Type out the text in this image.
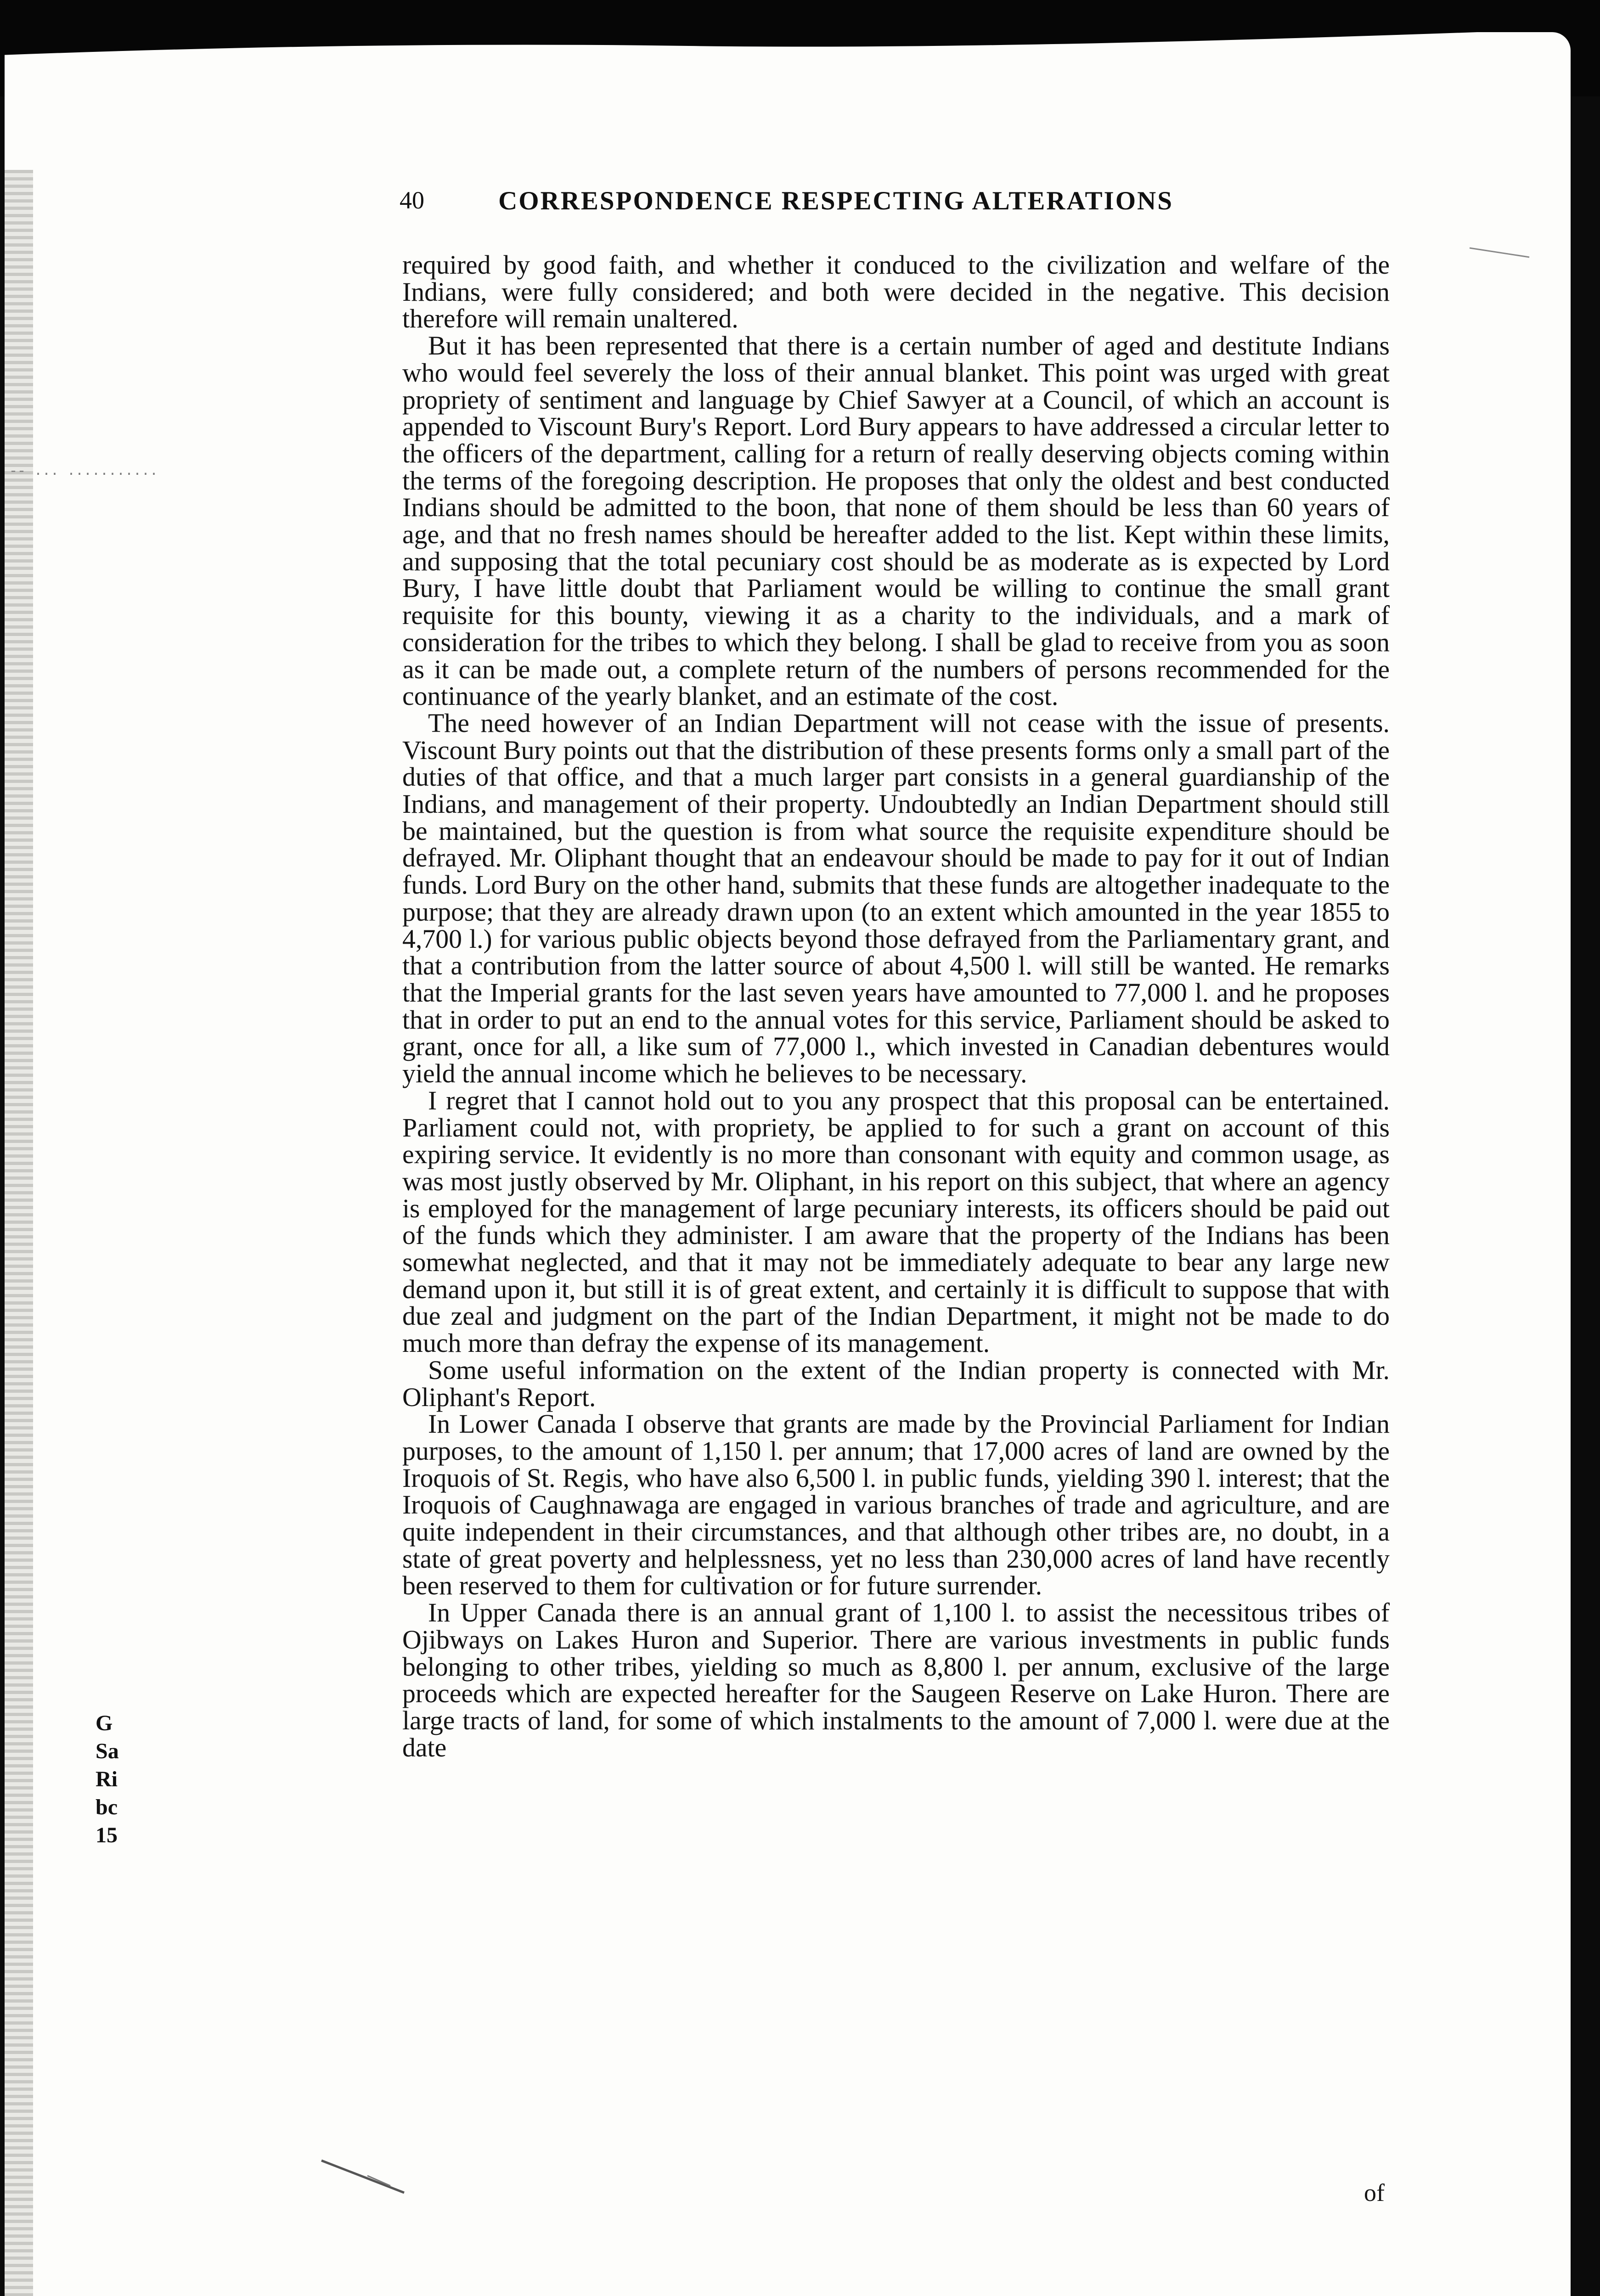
40	CORRESPONDENCE RESPECTING ALTERATIONS
-- ... ...........

required by good faith, and whether it conduced to the civilization and welfare of the Indians, were fully considered; and both were decided in the negative. This decision therefore will remain unaltered.

But it has been represented that there is a certain number of aged and destitute Indians who would feel severely the loss of their annual blanket. This point was urged with great propriety of sentiment and language by Chief Sawyer at a Council, of which an account is appended to Viscount Bury's Report. Lord Bury appears to have addressed a circular letter to the officers of the department, calling for a return of really deserving objects coming within the terms of the foregoing description. He proposes that only the oldest and best conducted Indians should be admitted to the boon, that none of them should be less than 60 years of age, and that no fresh names should be hereafter added to the list. Kept within these limits, and supposing that the total pecuniary cost should be as moderate as is expected by Lord Bury, I have little doubt that Parliament would be willing to continue the small grant requisite for this bounty, viewing it as a charity to the individuals, and a mark of consideration for the tribes to which they belong. I shall be glad to receive from you as soon as it can be made out, a complete return of the numbers of persons recommended for the continuance of the yearly blanket, and an estimate of the cost.

The need however of an Indian Department will not cease with the issue of presents. Viscount Bury points out that the distribution of these presents forms only a small part of the duties of that office, and that a much larger part consists in a general guardianship of the Indians, and management of their property. Undoubtedly an Indian Department should still be maintained, but the question is from what source the requisite expenditure should be defrayed. Mr. Oliphant thought that an endeavour should be made to pay for it out of Indian funds. Lord Bury on the other hand, submits that these funds are altogether inadequate to the purpose; that they are already drawn upon (to an extent which amounted in the year 1855 to 4,700 l.) for various public objects beyond those defrayed from the Parliamentary grant, and that a contribution from the latter source of about 4,500 l. will still be wanted. He remarks that the Imperial grants for the last seven years have amounted to 77,000 l. and he proposes that in order to put an end to the annual votes for this service, Parliament should be asked to grant, once for all, a like sum of 77,000 l., which invested in Canadian debentures would yield the annual income which he believes to be necessary.

I regret that I cannot hold out to you any prospect that this proposal can be entertained. Parliament could not, with propriety, be applied to for such a grant on account of this expiring service. It evidently is no more than consonant with equity and common usage, as was most justly observed by Mr. Oliphant, in his report on this subject, that where an agency is employed for the management of large pecuniary interests, its officers should be paid out of the funds which they administer. I am aware that the property of the Indians has been somewhat neglected, and that it may not be immediately adequate to bear any large new demand upon it, but still it is of great extent, and certainly it is difficult to suppose that with due zeal and judgment on the part of the Indian Department, it might not be made to do much more than defray the expense of its management.

Some useful information on the extent of the Indian property is connected with Mr. Oliphant's Report.

In Lower Canada I observe that grants are made by the Provincial Parliament for Indian purposes, to the amount of 1,150 l. per annum; that 17,000 acres of land are owned by the Iroquois of St. Regis, who have also 6,500 l. in public funds, yielding 390 l. interest; that the Iroquois of Caughnawaga are engaged in various branches of trade and agriculture, and are quite independent in their circumstances, and that although other tribes are, no doubt, in a state of great poverty and helplessness, yet no less than 230,000 acres of land have recently been reserved to them for cultivation or for future surrender.

In Upper Canada there is an annual grant of 1,100 l. to assist the necessitous tribes of Ojibways on Lakes Huron and Superior. There are various investments in public funds belonging to other tribes, yielding so much as 8,800 l. per annum, exclusive of the large proceeds which are expected hereafter for the Saugeen Reserve on Lake Huron. There are large tracts of land, for some of which instalments to the amount of 7,000 l. were due at the date

of
G
Sa
Ri
bc
15
